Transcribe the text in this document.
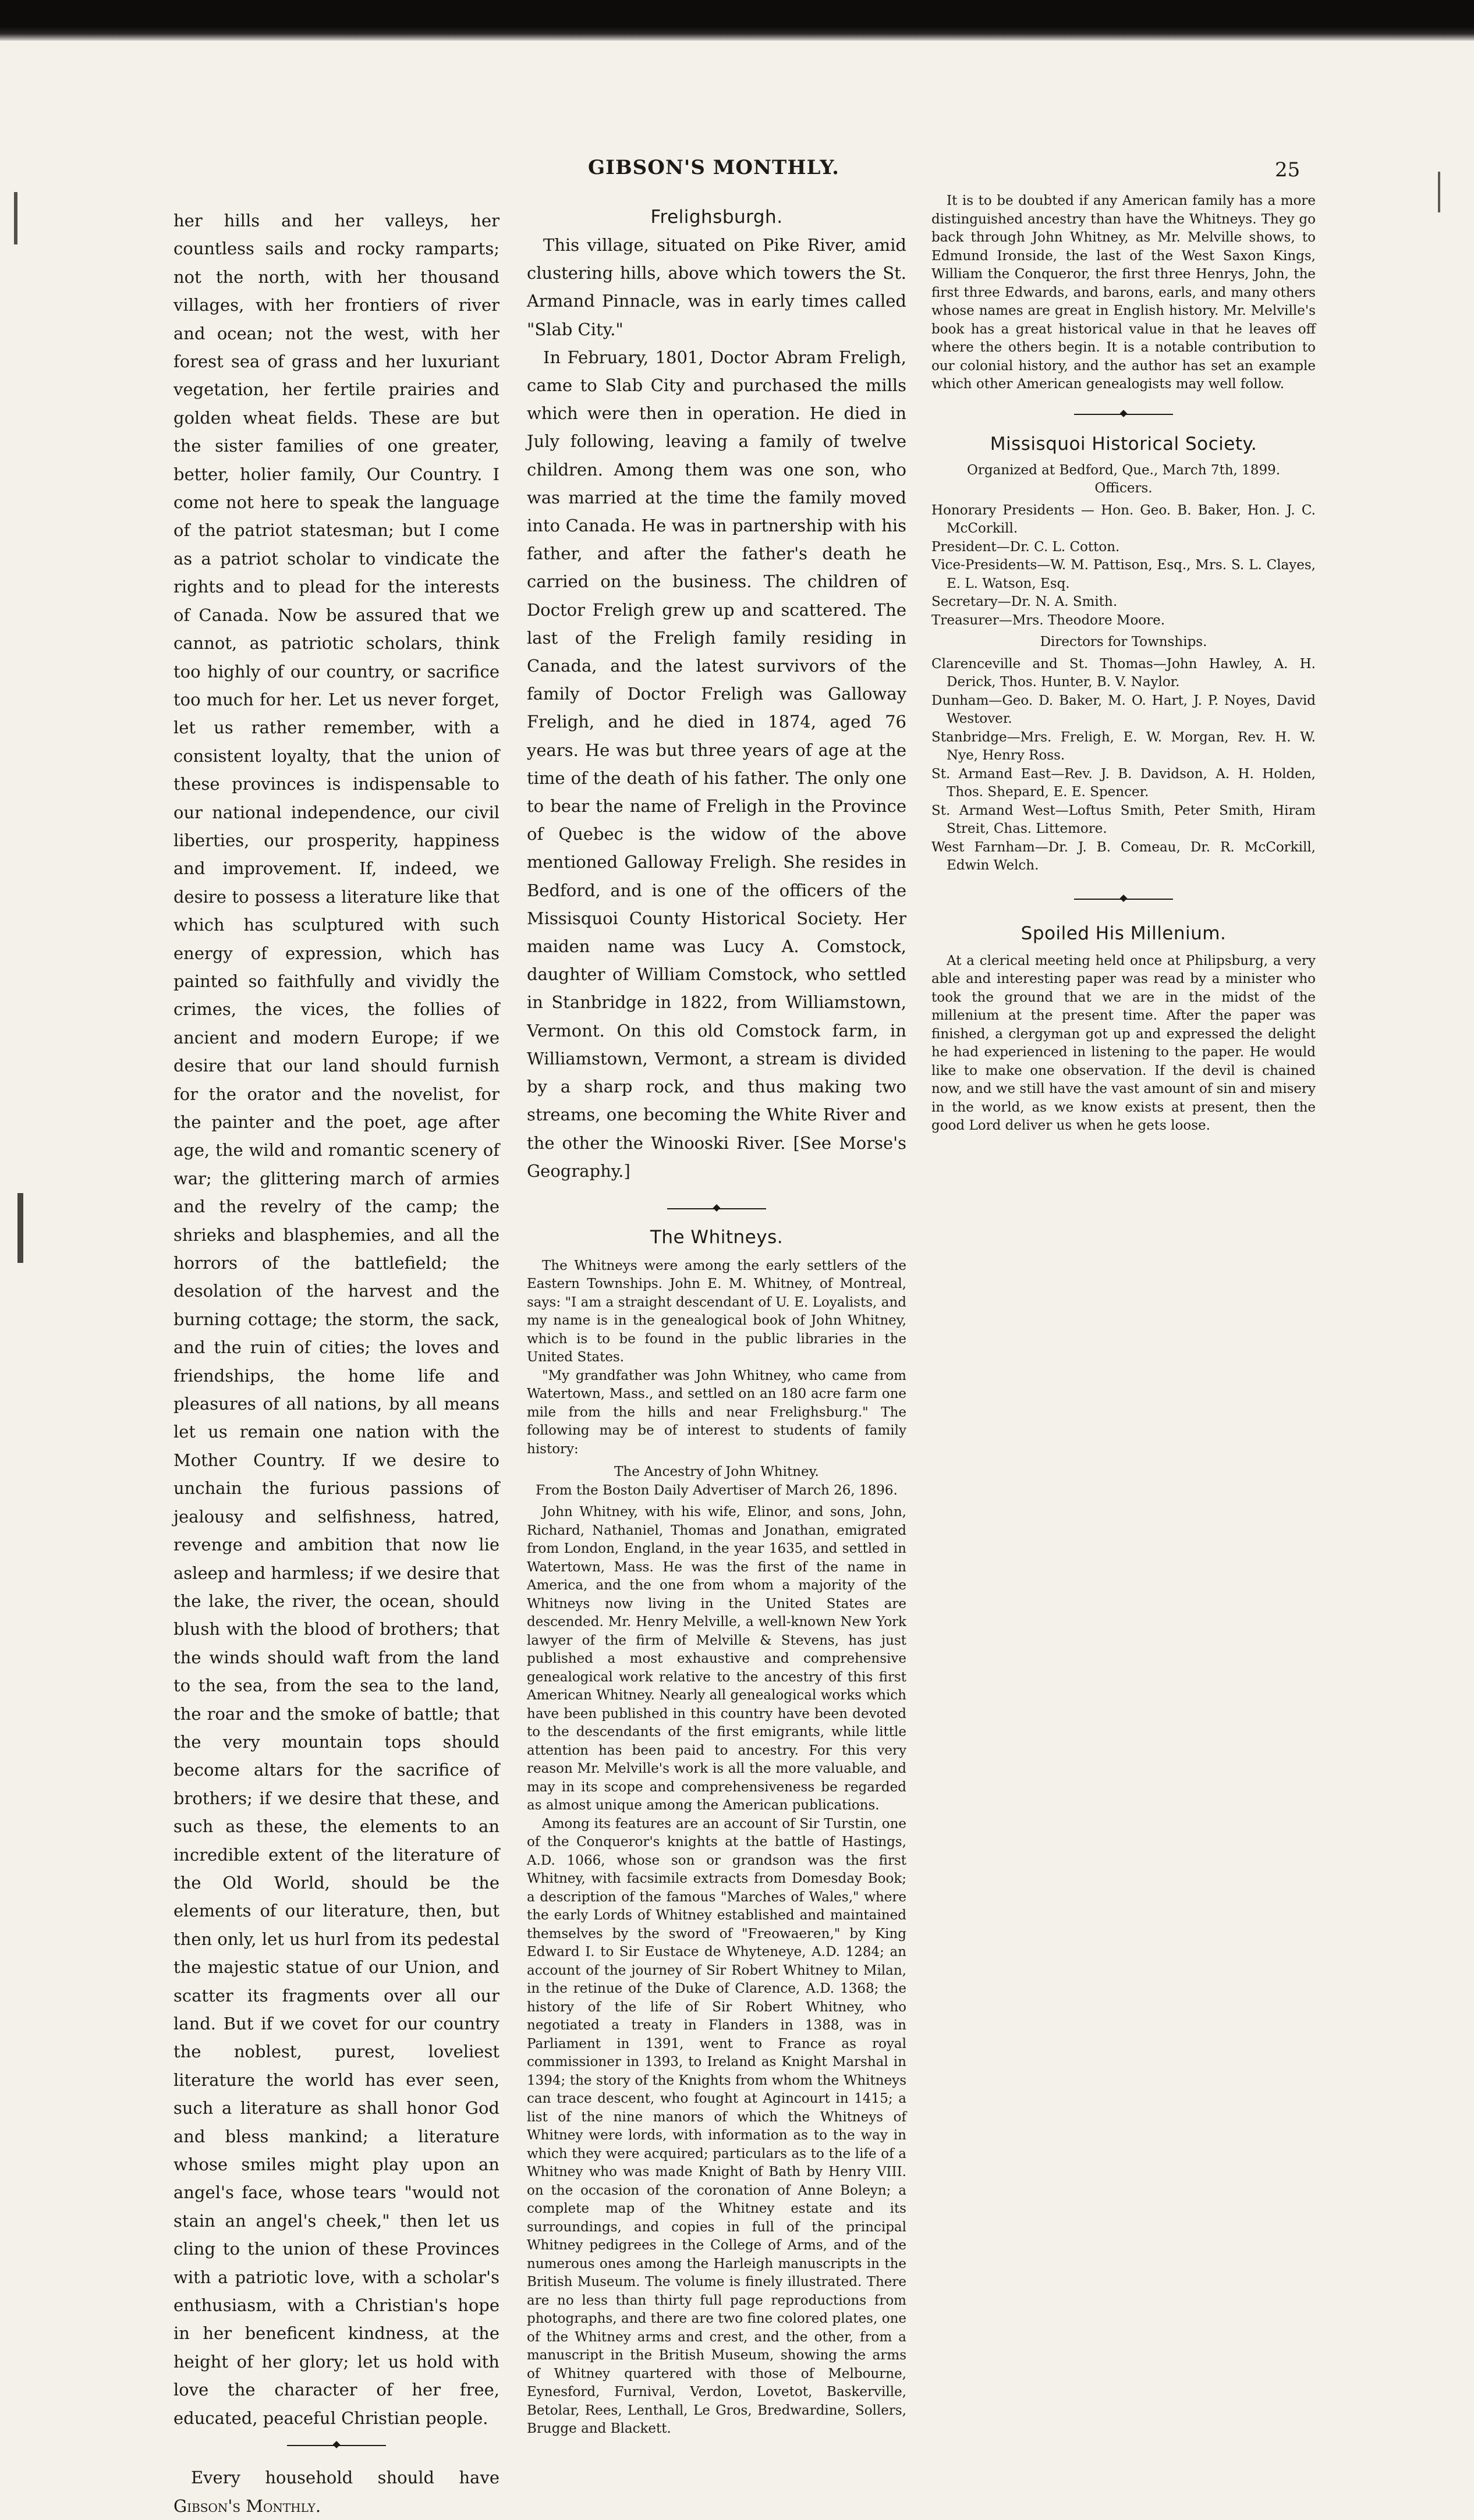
GIBSON'S MONTHLY.	25

her hills and her valleys, her countless sails and rocky ramparts; not the north, with her thousand villages, with her frontiers of river and ocean; not the west, with her forest sea of grass and her luxuriant vegetation, her fertile prairies and golden wheat fields. These are but the sister families of one greater, better, holier family, Our Country. I come not here to speak the language of the patriot statesman; but I come as a patriot scholar to vindicate the rights and to plead for the interests of Canada. Now be assured that we cannot, as patriotic scholars, think too highly of our country, or sacrifice too much for her. Let us never forget, let us rather remember, with a consistent loyalty, that the union of these provinces is indispensable to our national independence, our civil liberties, our prosperity, happiness and improvement. If, indeed, we desire to possess a literature like that which has sculptured with such energy of expression, which has painted so faithfully and vividly the crimes, the vices, the follies of ancient and modern Europe; if we desire that our land should furnish for the orator and the novelist, for the painter and the poet, age after age, the wild and romantic scenery of war; the glittering march of armies and the revelry of the camp; the shrieks and blasphemies, and all the horrors of the battlefield; the desolation of the harvest and the burning cottage; the storm, the sack, and the ruin of cities; the loves and friendships, the home life and pleasures of all nations, by all means let us remain one nation with the Mother Country. If we desire to unchain the furious passions of jealousy and selfishness, hatred, revenge and ambition that now lie asleep and harmless; if we desire that the lake, the river, the ocean, should blush with the blood of brothers; that the winds should waft from the land to the sea, from the sea to the land, the roar and the smoke of battle; that the very mountain tops should become altars for the sacrifice of brothers; if we desire that these, and such as these, the elements to an incredible extent of the literature of the Old World, should be the elements of our literature, then, but then only, let us hurl from its pedestal the majestic statue of our Union, and scatter its fragments over all our land. But if we covet for our country the noblest, purest, loveliest literature the world has ever seen, such a literature as shall honor God and bless mankind; a literature whose smiles might play upon an angel's face, whose tears "would not stain an angel's cheek," then let us cling to the union of these Provinces with a patriotic love, with a scholar's enthusiasm, with a Christian's hope in her beneficent kindness, at the height of her glory; let us hold with love the character of her free, educated, peaceful Christian people.

Every household should have Gibson's Monthly.

Frelighsburgh.

This village, situated on Pike River, amid clustering hills, above which towers the St. Armand Pinnacle, was in early times called "Slab City."

In February, 1801, Doctor Abram Freligh, came to Slab City and purchased the mills which were then in operation. He died in July following, leaving a family of twelve children. Among them was one son, who was married at the time the family moved into Canada. He was in partnership with his father, and after the father's death he carried on the business. The children of Doctor Freligh grew up and scattered. The last of the Freligh family residing in Canada, and the latest survivors of the family of Doctor Freligh was Galloway Freligh, and he died in 1874, aged 76 years. He was but three years of age at the time of the death of his father. The only one to bear the name of Freligh in the Province of Quebec is the widow of the above mentioned Galloway Freligh. She resides in Bedford, and is one of the officers of the Missisquoi County Historical Society. Her maiden name was Lucy A. Comstock, daughter of William Comstock, who settled in Stanbridge in 1822, from Williamstown, Vermont. On this old Comstock farm, in Williamstown, Vermont, a stream is divided by a sharp rock, and thus making two streams, one becoming the White River and the other the Winooski River. [See Morse's Geography.]

The Whitneys.

The Whitneys were among the early settlers of the Eastern Townships. John E. M. Whitney, of Montreal, says: "I am a straight descendant of U. E. Loyalists, and my name is in the genealogical book of John Whitney, which is to be found in the public libraries in the United States.

"My grandfather was John Whitney, who came from Watertown, Mass., and settled on an 180 acre farm one mile from the hills and near Frelighsburg." The following may be of interest to students of family history:

The Ancestry of John Whitney.

From the Boston Daily Advertiser of March 26, 1896.

John Whitney, with his wife, Elinor, and sons, John, Richard, Nathaniel, Thomas and Jonathan, emigrated from London, England, in the year 1635, and settled in Watertown, Mass. He was the first of the name in America, and the one from whom a majority of the Whitneys now living in the United States are descended. Mr. Henry Melville, a well-known New York lawyer of the firm of Melville & Stevens, has just published a most exhaustive and comprehensive genealogical work relative to the ancestry of this first American Whitney. Nearly all genealogical works which have been published in this country have been devoted to the descendants of the first emigrants, while little attention has been paid to ancestry. For this very reason Mr. Melville's work is all the more valuable, and may in its scope and comprehensiveness be regarded as almost unique among the American publications.

Among its features are an account of Sir Turstin, one of the Conqueror's knights at the battle of Hastings, A.D. 1066, whose son or grandson was the first Whitney, with facsimile extracts from Domesday Book; a description of the famous "Marches of Wales," where the early Lords of Whitney established and maintained themselves by the sword of "Freowaeren," by King Edward I. to Sir Eustace de Whyteneye, A.D. 1284; an account of the journey of Sir Robert Whitney to Milan, in the retinue of the Duke of Clarence, A.D. 1368; the history of the life of Sir Robert Whitney, who negotiated a treaty in Flanders in 1388, was in Parliament in 1391, went to France as royal commissioner in 1393, to Ireland as Knight Marshal in 1394; the story of the Knights from whom the Whitneys can trace descent, who fought at Agincourt in 1415; a list of the nine manors of which the Whitneys of Whitney were lords, with information as to the way in which they were acquired; particulars as to the life of a Whitney who was made Knight of Bath by Henry VIII. on the occasion of the coronation of Anne Boleyn; a complete map of the Whitney estate and its surroundings, and copies in full of the principal Whitney pedigrees in the College of Arms, and of the numerous ones among the Harleigh manuscripts in the British Museum. The volume is finely illustrated. There are no less than thirty full page reproductions from photographs, and there are two fine colored plates, one of the Whitney arms and crest, and the other, from a manuscript in the British Museum, showing the arms of Whitney quartered with those of Melbourne, Eynesford, Furnival, Verdon, Lovetot, Baskerville, Betolar, Rees, Lenthall, Le Gros, Bredwardine, Sollers, Brugge and Blackett.

It is to be doubted if any American family has a more distinguished ancestry than have the Whitneys. They go back through John Whitney, as Mr. Melville shows, to Edmund Ironside, the last of the West Saxon Kings, William the Conqueror, the first three Henrys, John, the first three Edwards, and barons, earls, and many others whose names are great in English history. Mr. Melville's book has a great historical value in that he leaves off where the others begin. It is a notable contribution to our colonial history, and the author has set an example which other American genealogists may well follow.

Missisquoi Historical Society.

Organized at Bedford, Que., March 7th, 1899.

Officers.

Honorary Presidents — Hon. Geo. B. Baker, Hon. J. C. McCorkill.

President—Dr. C. L. Cotton.

Vice-Presidents—W. M. Pattison, Esq., Mrs. S. L. Clayes, E. L. Watson, Esq.

Secretary—Dr. N. A. Smith.

Treasurer—Mrs. Theodore Moore.

Directors for Townships.

Clarenceville and St. Thomas—John Hawley, A. H. Derick, Thos. Hunter, B. V. Naylor.

Dunham—Geo. D. Baker, M. O. Hart, J. P. Noyes, David Westover.

Stanbridge—Mrs. Freligh, E. W. Morgan, Rev. H. W. Nye, Henry Ross.

St. Armand East—Rev. J. B. Davidson, A. H. Holden, Thos. Shepard, E. E. Spencer.

St. Armand West—Loftus Smith, Peter Smith, Hiram Streit, Chas. Littemore.

West Farnham—Dr. J. B. Comeau, Dr. R. McCorkill, Edwin Welch.

Spoiled His Millenium.

At a clerical meeting held once at Philipsburg, a very able and interesting paper was read by a minister who took the ground that we are in the midst of the millenium at the present time. After the paper was finished, a clergyman got up and expressed the delight he had experienced in listening to the paper. He would like to make one observation. If the devil is chained now, and we still have the vast amount of sin and misery in the world, as we know exists at present, then the good Lord deliver us when he gets loose.
